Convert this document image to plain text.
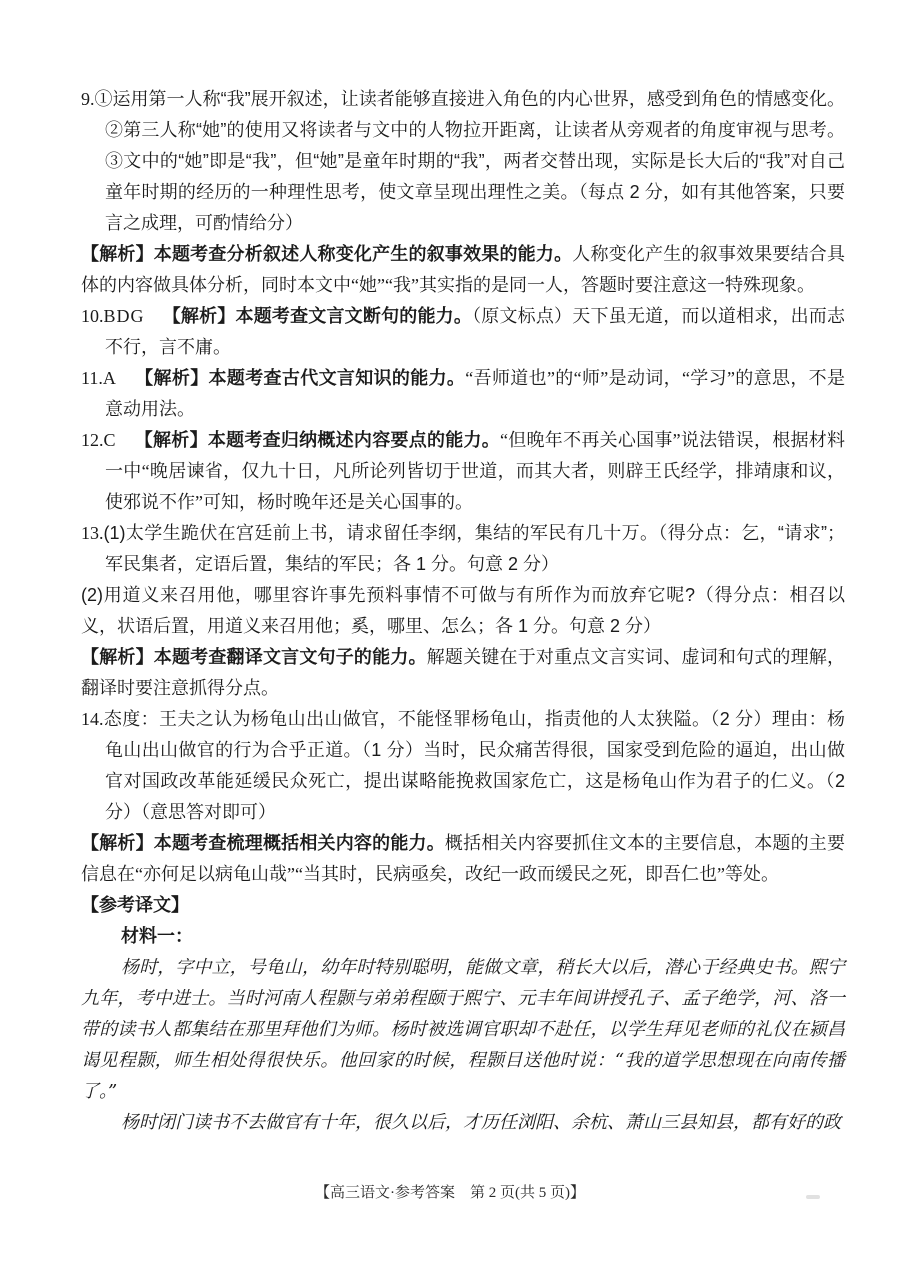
9.①运用第一人称“我”展开叙述，让读者能够直接进入角色的内心世界，感受到角色的情感变化。②第三人称“她”的使用又将读者与文中的人物拉开距离，让读者从旁观者的角度审视与思考。③文中的“她”即是“我”，但“她”是童年时期的“我”，两者交替出现，实际是长大后的“我”对自己童年时期的经历的一种理性思考，使文章呈现出理性之美。（每点 2 分，如有其他答案，只要言之成理，可酌情给分）

【解析】本题考查分析叙述人称变化产生的叙事效果的能力。人称变化产生的叙事效果要结合具体的内容做具体分析，同时本文中“她”“我”其实指的是同一人，答题时要注意这一特殊现象。

10.BDG 【解析】本题考查文言文断句的能力。（原文标点）天下虽无道，而以道相求，出而志不行，言不庸。

11.A 【解析】本题考查古代文言知识的能力。“吾师道也”的“师”是动词，“学习”的意思，不是意动用法。

12.C 【解析】本题考查归纳概述内容要点的能力。“但晚年不再关心国事”说法错误，根据材料一中“晚居谏省，仅九十日，凡所论列皆切于世道，而其大者，则辟王氏经学，排靖康和议，使邪说不作”可知，杨时晚年还是关心国事的。

13.(1)太学生跪伏在宫廷前上书，请求留任李纲，集结的军民有几十万。（得分点：乞，“请求”；军民集者，定语后置，集结的军民；各 1 分。句意 2 分）

(2)用道义来召用他，哪里容许事先预料事情不可做与有所作为而放弃它呢?（得分点：相召以义，状语后置，用道义来召用他；奚，哪里、怎么；各 1 分。句意 2 分）

【解析】本题考查翻译文言文句子的能力。解题关键在于对重点文言实词、虚词和句式的理解，翻译时要注意抓得分点。

14.态度：王夫之认为杨龟山出山做官，不能怪罪杨龟山，指责他的人太狭隘。（2 分）理由：杨龟山出山做官的行为合乎正道。（1 分）当时，民众痛苦得很，国家受到危险的逼迫，出山做官对国政改革能延缓民众死亡，提出谋略能挽救国家危亡，这是杨龟山作为君子的仁义。（2 分）（意思答对即可）

【解析】本题考查梳理概括相关内容的能力。概括相关内容要抓住文本的主要信息，本题的主要信息在“亦何足以病龟山哉”“当其时，民病亟矣，改纪一政而缓民之死，即吾仁也”等处。

【参考译文】

材料一：

杨时，字中立，号龟山，幼年时特别聪明，能做文章，稍长大以后，潜心于经典史书。熙宁九年，考中进士。当时河南人程颢与弟弟程颐于熙宁、元丰年间讲授孔子、孟子绝学，河、洛一带的读书人都集结在那里拜他们为师。杨时被选调官职却不赴任，以学生拜见老师的礼仪在颍昌谒见程颢，师生相处得很快乐。他回家的时候，程颢目送他时说：“我的道学思想现在向南传播了。”

杨时闭门读书不去做官有十年，很久以后，才历任浏阳、余杭、萧山三县知县，都有好的政

【高三语文·参考答案　第 2 页(共 5 页)】
